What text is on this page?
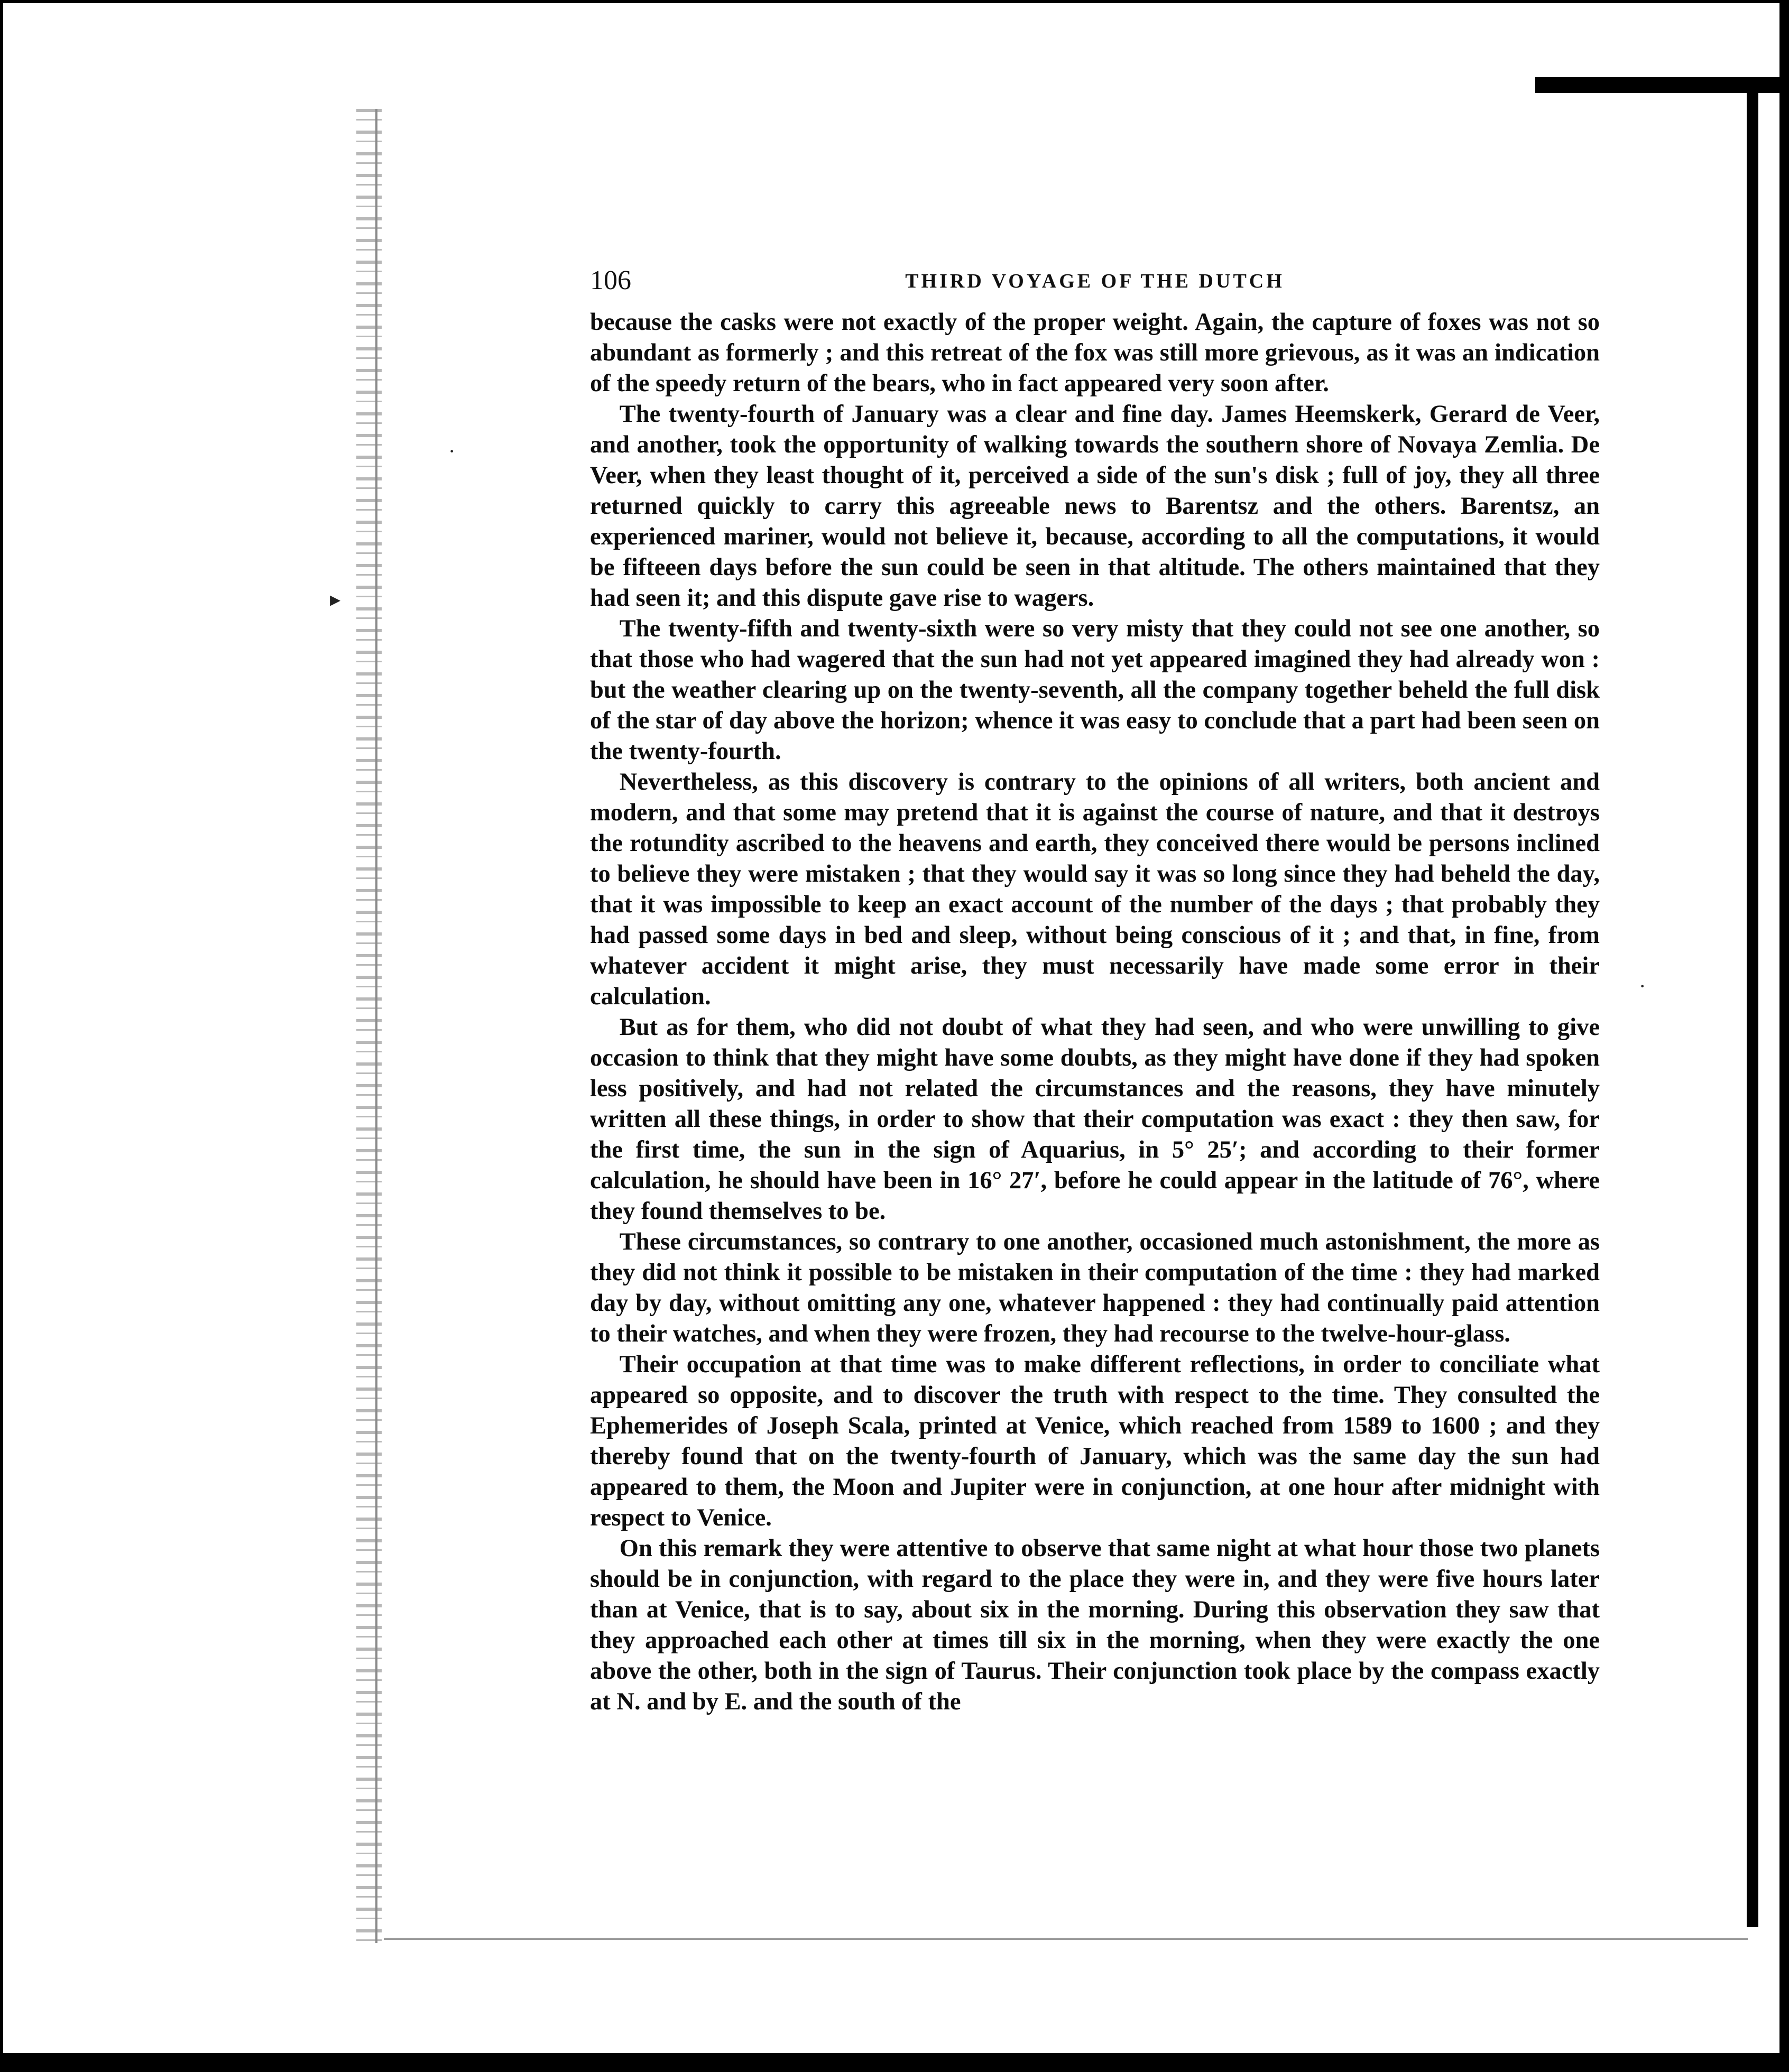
·
▸
·
106	THIRD VOYAGE OF THE DUTCH

because the casks were not exactly of the proper weight. Again, the capture of foxes was not so abundant as formerly ; and this retreat of the fox was still more grievous, as it was an indication of the speedy return of the bears, who in fact appeared very soon after.

The twenty-fourth of January was a clear and fine day. James Heemskerk, Gerard de Veer, and another, took the opportunity of walking towards the southern shore of Novaya Zemlia. De Veer, when they least thought of it, perceived a side of the sun's disk ; full of joy, they all three returned quickly to carry this agreeable news to Barentsz and the others. Barentsz, an experienced mariner, would not believe it, because, according to all the computations, it would be fifteeen days before the sun could be seen in that altitude. The others maintained that they had seen it; and this dispute gave rise to wagers.

The twenty-fifth and twenty-sixth were so very misty that they could not see one another, so that those who had wagered that the sun had not yet appeared imagined they had already won : but the weather clearing up on the twenty-seventh, all the company together beheld the full disk of the star of day above the horizon; whence it was easy to conclude that a part had been seen on the twenty-fourth.

Nevertheless, as this discovery is contrary to the opinions of all writers, both ancient and modern, and that some may pretend that it is against the course of nature, and that it destroys the rotundity ascribed to the heavens and earth, they conceived there would be persons inclined to believe they were mistaken ; that they would say it was so long since they had beheld the day, that it was impossible to keep an exact account of the number of the days ; that probably they had passed some days in bed and sleep, without being conscious of it ; and that, in fine, from whatever accident it might arise, they must necessarily have made some error in their calculation.

But as for them, who did not doubt of what they had seen, and who were unwilling to give occasion to think that they might have some doubts, as they might have done if they had spoken less positively, and had not related the circumstances and the reasons, they have minutely written all these things, in order to show that their computation was exact : they then saw, for the first time, the sun in the sign of Aquarius, in 5° 25′; and according to their former calculation, he should have been in 16° 27′, before he could appear in the latitude of 76°, where they found themselves to be.

These circumstances, so contrary to one another, occasioned much astonishment, the more as they did not think it possible to be mistaken in their computation of the time : they had marked day by day, without omitting any one, whatever happened : they had continually paid attention to their watches, and when they were frozen, they had recourse to the twelve-hour-glass.

Their occupation at that time was to make different reflections, in order to conciliate what appeared so opposite, and to discover the truth with respect to the time. They consulted the Ephemerides of Joseph Scala, printed at Venice, which reached from 1589 to 1600 ; and they thereby found that on the twenty-fourth of January, which was the same day the sun had appeared to them, the Moon and Jupiter were in conjunction, at one hour after midnight with respect to Venice.

On this remark they were attentive to observe that same night at what hour those two planets should be in conjunction, with regard to the place they were in, and they were five hours later than at Venice, that is to say, about six in the morning. During this observation they saw that they approached each other at times till six in the morning, when they were exactly the one above the other, both in the sign of Taurus. Their conjunction took place by the compass exactly at N. and by E. and the south of the
